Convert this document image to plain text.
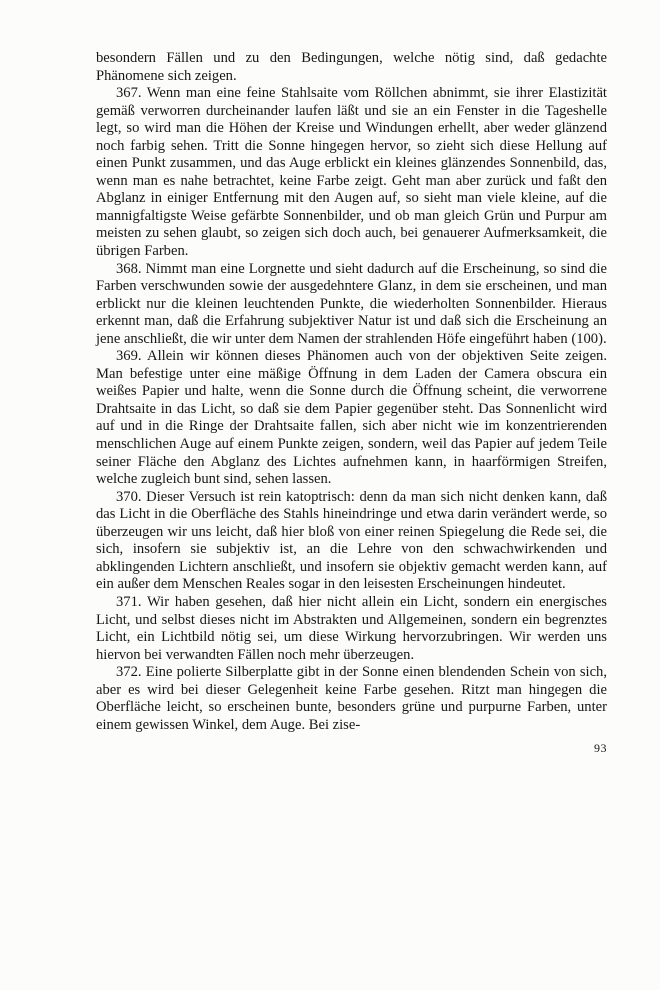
besondern Fällen und zu den Bedingungen, welche nötig sind, daß gedachte Phänomene sich zeigen.

367. Wenn man eine feine Stahlsaite vom Röllchen abnimmt, sie ihrer Elastizität gemäß verworren durcheinander laufen läßt und sie an ein Fenster in die Tageshelle legt, so wird man die Höhen der Kreise und Windungen erhellt, aber weder glänzend noch farbig sehen. Tritt die Sonne hingegen hervor, so zieht sich diese Hellung auf einen Punkt zusammen, und das Auge erblickt ein kleines glänzendes Sonnenbild, das, wenn man es nahe betrachtet, keine Farbe zeigt. Geht man aber zurück und faßt den Abglanz in einiger Entfernung mit den Augen auf, so sieht man viele kleine, auf die mannigfaltigste Weise gefärbte Sonnenbilder, und ob man gleich Grün und Purpur am meisten zu sehen glaubt, so zeigen sich doch auch, bei genauerer Aufmerksamkeit, die übrigen Farben.

368. Nimmt man eine Lorgnette und sieht dadurch auf die Erscheinung, so sind die Farben verschwunden sowie der ausgedehntere Glanz, in dem sie erscheinen, und man erblickt nur die kleinen leuchtenden Punkte, die wiederholten Sonnenbilder. Hieraus erkennt man, daß die Erfahrung subjektiver Natur ist und daß sich die Erscheinung an jene anschließt, die wir unter dem Namen der strahlenden Höfe eingeführt haben (100).

369. Allein wir können dieses Phänomen auch von der objektiven Seite zeigen. Man befestige unter eine mäßige Öffnung in dem Laden der Camera obscura ein weißes Papier und halte, wenn die Sonne durch die Öffnung scheint, die verworrene Drahtsaite in das Licht, so daß sie dem Papier gegenüber steht. Das Sonnenlicht wird auf und in die Ringe der Drahtsaite fallen, sich aber nicht wie im konzentrierenden menschlichen Auge auf einem Punkte zeigen, sondern, weil das Papier auf jedem Teile seiner Fläche den Abglanz des Lichtes aufnehmen kann, in haarförmigen Streifen, welche zugleich bunt sind, sehen lassen.

370. Dieser Versuch ist rein katoptrisch: denn da man sich nicht denken kann, daß das Licht in die Oberfläche des Stahls hineindringe und etwa darin verändert werde, so überzeugen wir uns leicht, daß hier bloß von einer reinen Spiegelung die Rede sei, die sich, insofern sie subjektiv ist, an die Lehre von den schwachwirkenden und abklingenden Lichtern anschließt, und insofern sie objektiv gemacht werden kann, auf ein außer dem Menschen Reales sogar in den leisesten Erscheinungen hindeutet.

371. Wir haben gesehen, daß hier nicht allein ein Licht, sondern ein energisches Licht, und selbst dieses nicht im Abstrakten und Allgemeinen, sondern ein begrenztes Licht, ein Lichtbild nötig sei, um diese Wirkung hervorzubringen. Wir werden uns hiervon bei verwandten Fällen noch mehr überzeugen.

372. Eine polierte Silberplatte gibt in der Sonne einen blendenden Schein von sich, aber es wird bei dieser Gelegenheit keine Farbe gesehen. Ritzt man hingegen die Oberfläche leicht, so erscheinen bunte, besonders grüne und purpurne Farben, unter einem gewissen Winkel, dem Auge. Bei zise-

93
